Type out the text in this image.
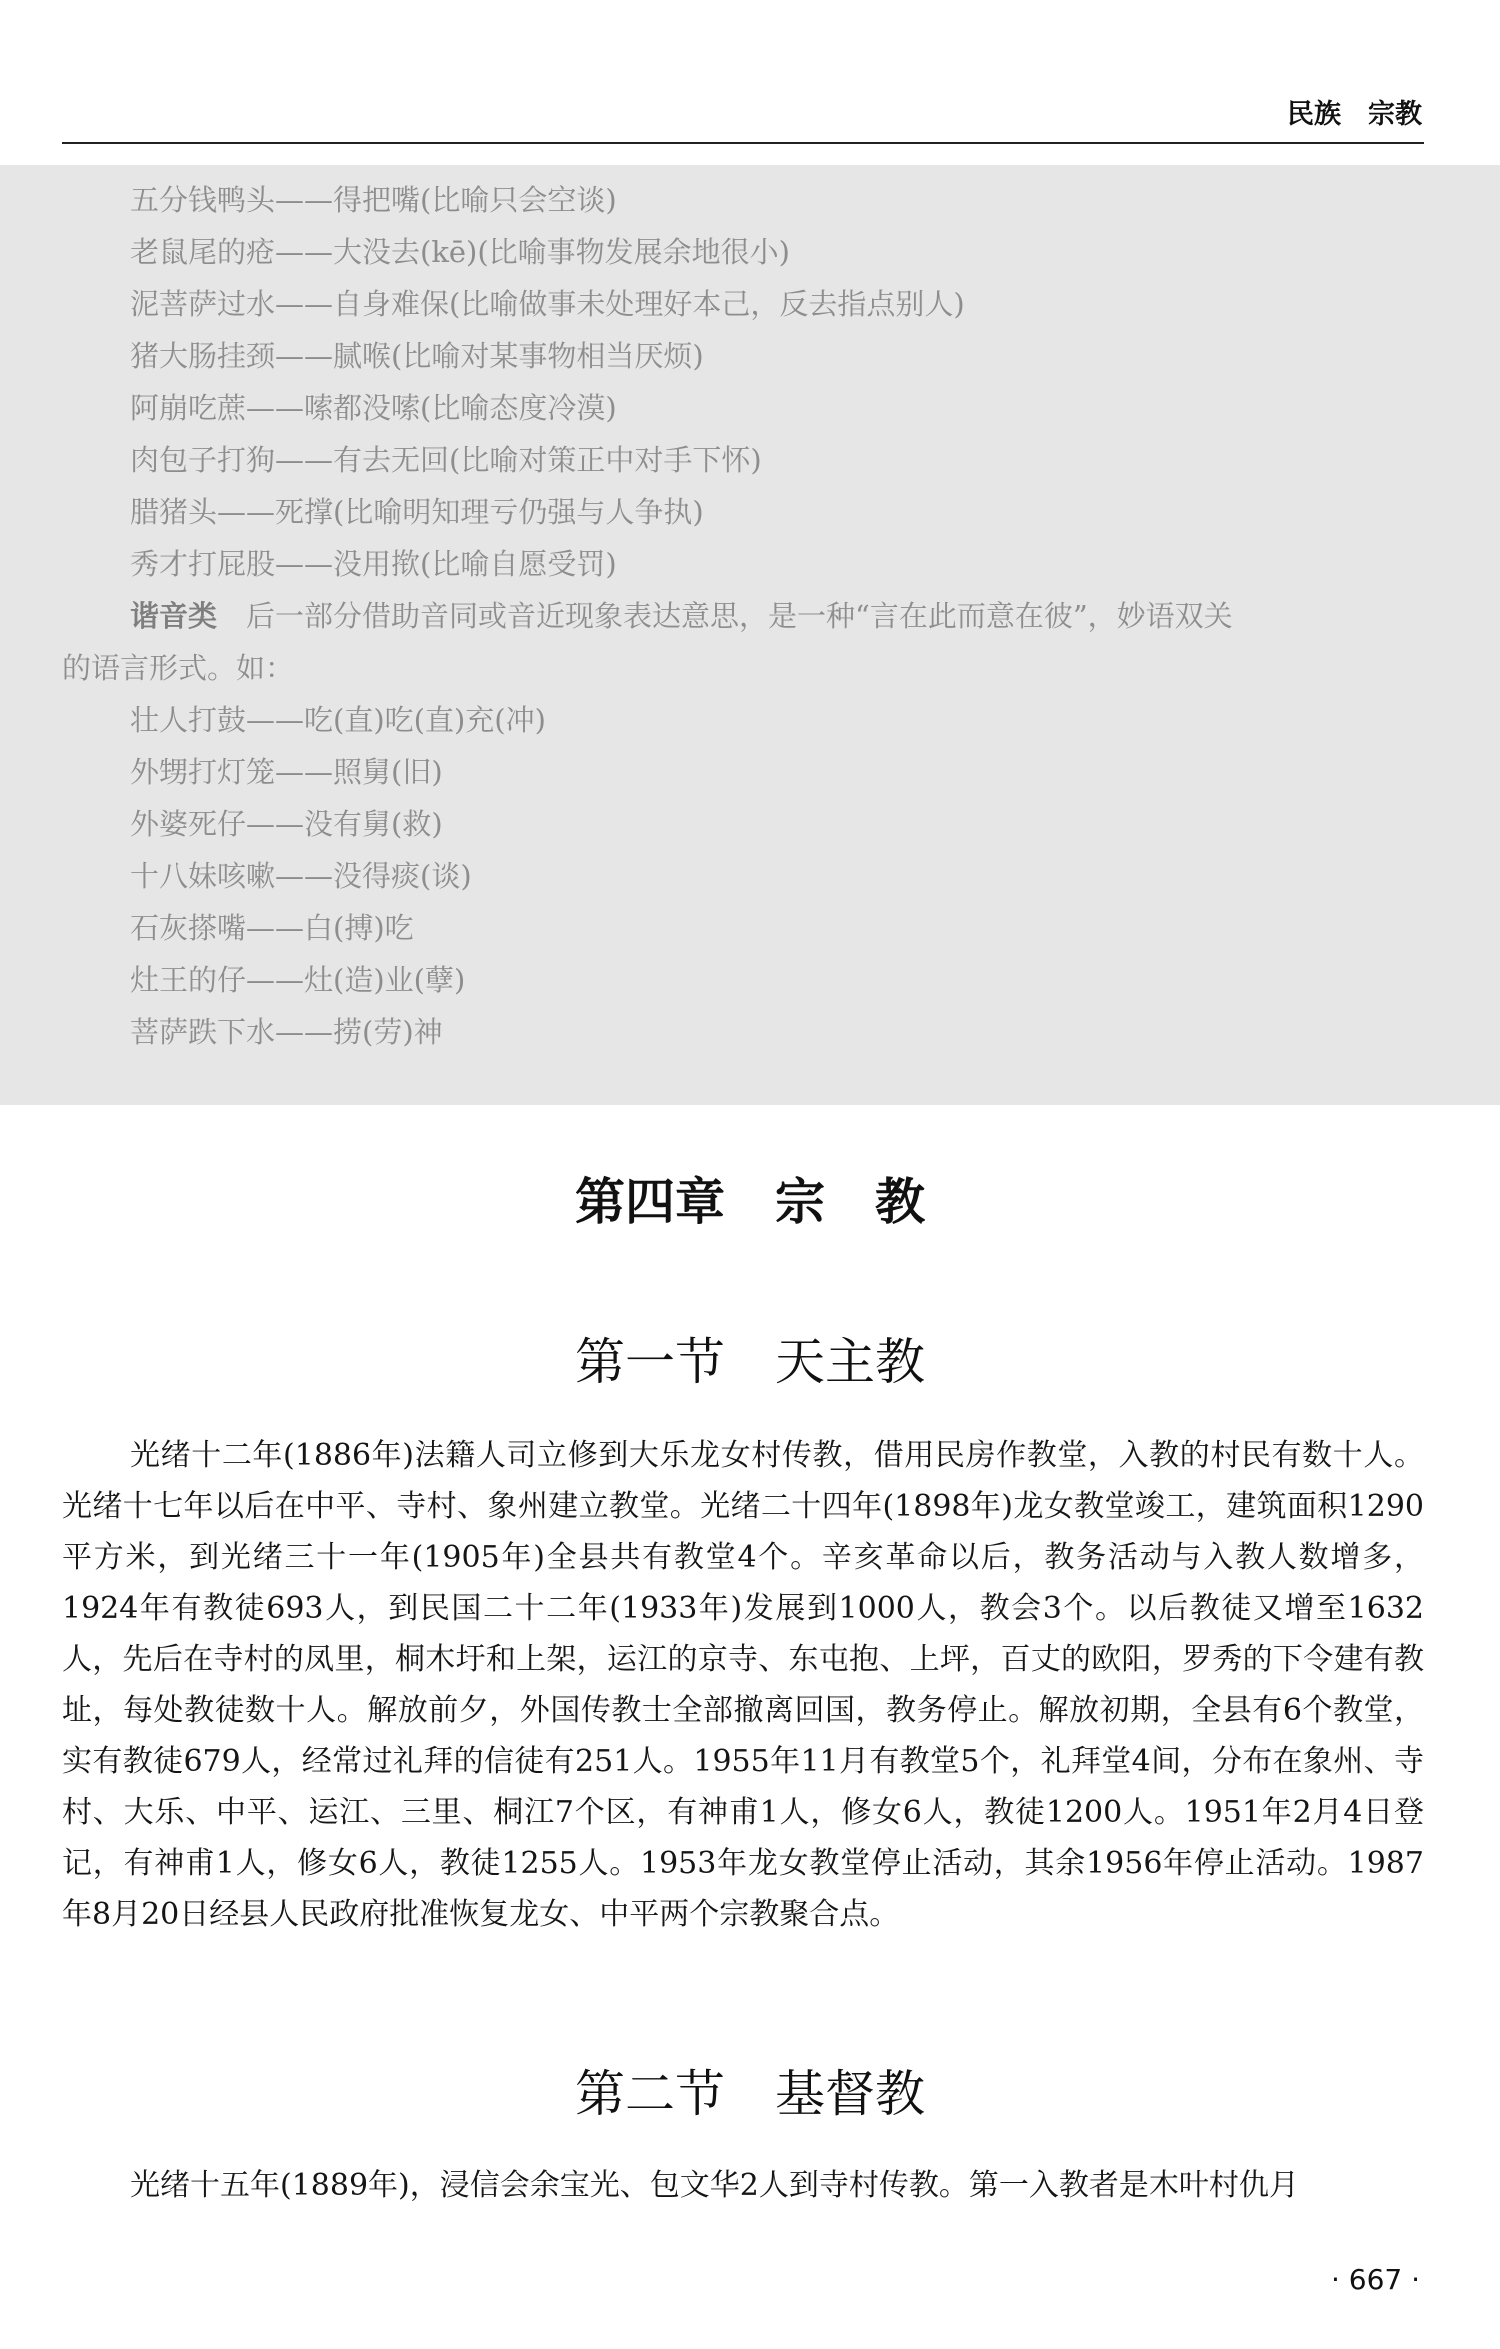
民族　宗教
五分钱鸭头——得把嘴(比喻只会空谈)
老鼠尾的疮——大没去(kē)(比喻事物发展余地很小)
泥菩萨过水——自身难保(比喻做事未处理好本己，反去指点别人)
猪大肠挂颈——腻喉(比喻对某事物相当厌烦)
阿崩吃蔗——嗦都没嗦(比喻态度冷漠)
肉包子打狗——有去无回(比喻对策正中对手下怀)
腊猪头——死撑(比喻明知理亏仍强与人争执)
秀才打屁股——没用揿(比喻自愿受罚)
谐音类　 后一部分借助音同或音近现象表达意思，是一种“言在此而意在彼”，妙语双关
的语言形式。如：
壮人打鼓——吃(直)吃(直)充(冲)
外甥打灯笼——照舅(旧)
外婆死仔——没有舅(救)
十八妹咳嗽——没得痰(谈)
石灰搽嘴——白(搏)吃
灶王的仔——灶(造)业(孽)
菩萨跌下水——捞(劳)神
第四章　宗　教
第一节　天主教

光绪十二年(1886年)法籍人司立修到大乐龙女村传教，借用民房作教堂，入教的村民有数十人。光绪十七年以后在中平、寺村、象州建立教堂。光绪二十四年(1898年)龙女教堂竣工，建筑面积1290平方米，到光绪三十一年(1905年)全县共有教堂4个。辛亥革命以后，教务活动与入教人数增多，1924年有教徒693人，到民国二十二年(1933年)发展到1000人，教会3个。以后教徒又增至1632人，先后在寺村的凤里，桐木圩和上架，运江的京寺、东屯抱、上坪，百丈的欧阳，罗秀的下令建有教址，每处教徒数十人。解放前夕，外国传教士全部撤离回国，教务停止。解放初期，全县有6个教堂，实有教徒679人，经常过礼拜的信徒有251人。1955年11月有教堂5个，礼拜堂4间，分布在象州、寺村、大乐、中平、运江、三里、桐江7个区，有神甫1人，修女6人，教徒1200人。1951年2月4日登记，有神甫1人，修女6人，教徒1255人。1953年龙女教堂停止活动，其余1956年停止活动。1987年8月20日经县人民政府批准恢复龙女、中平两个宗教聚合点。

第二节　基督教

光绪十五年(1889年)，浸信会余宝光、包文华2人到寺村传教。第一入教者是木叶村仇月

· 667 ·
